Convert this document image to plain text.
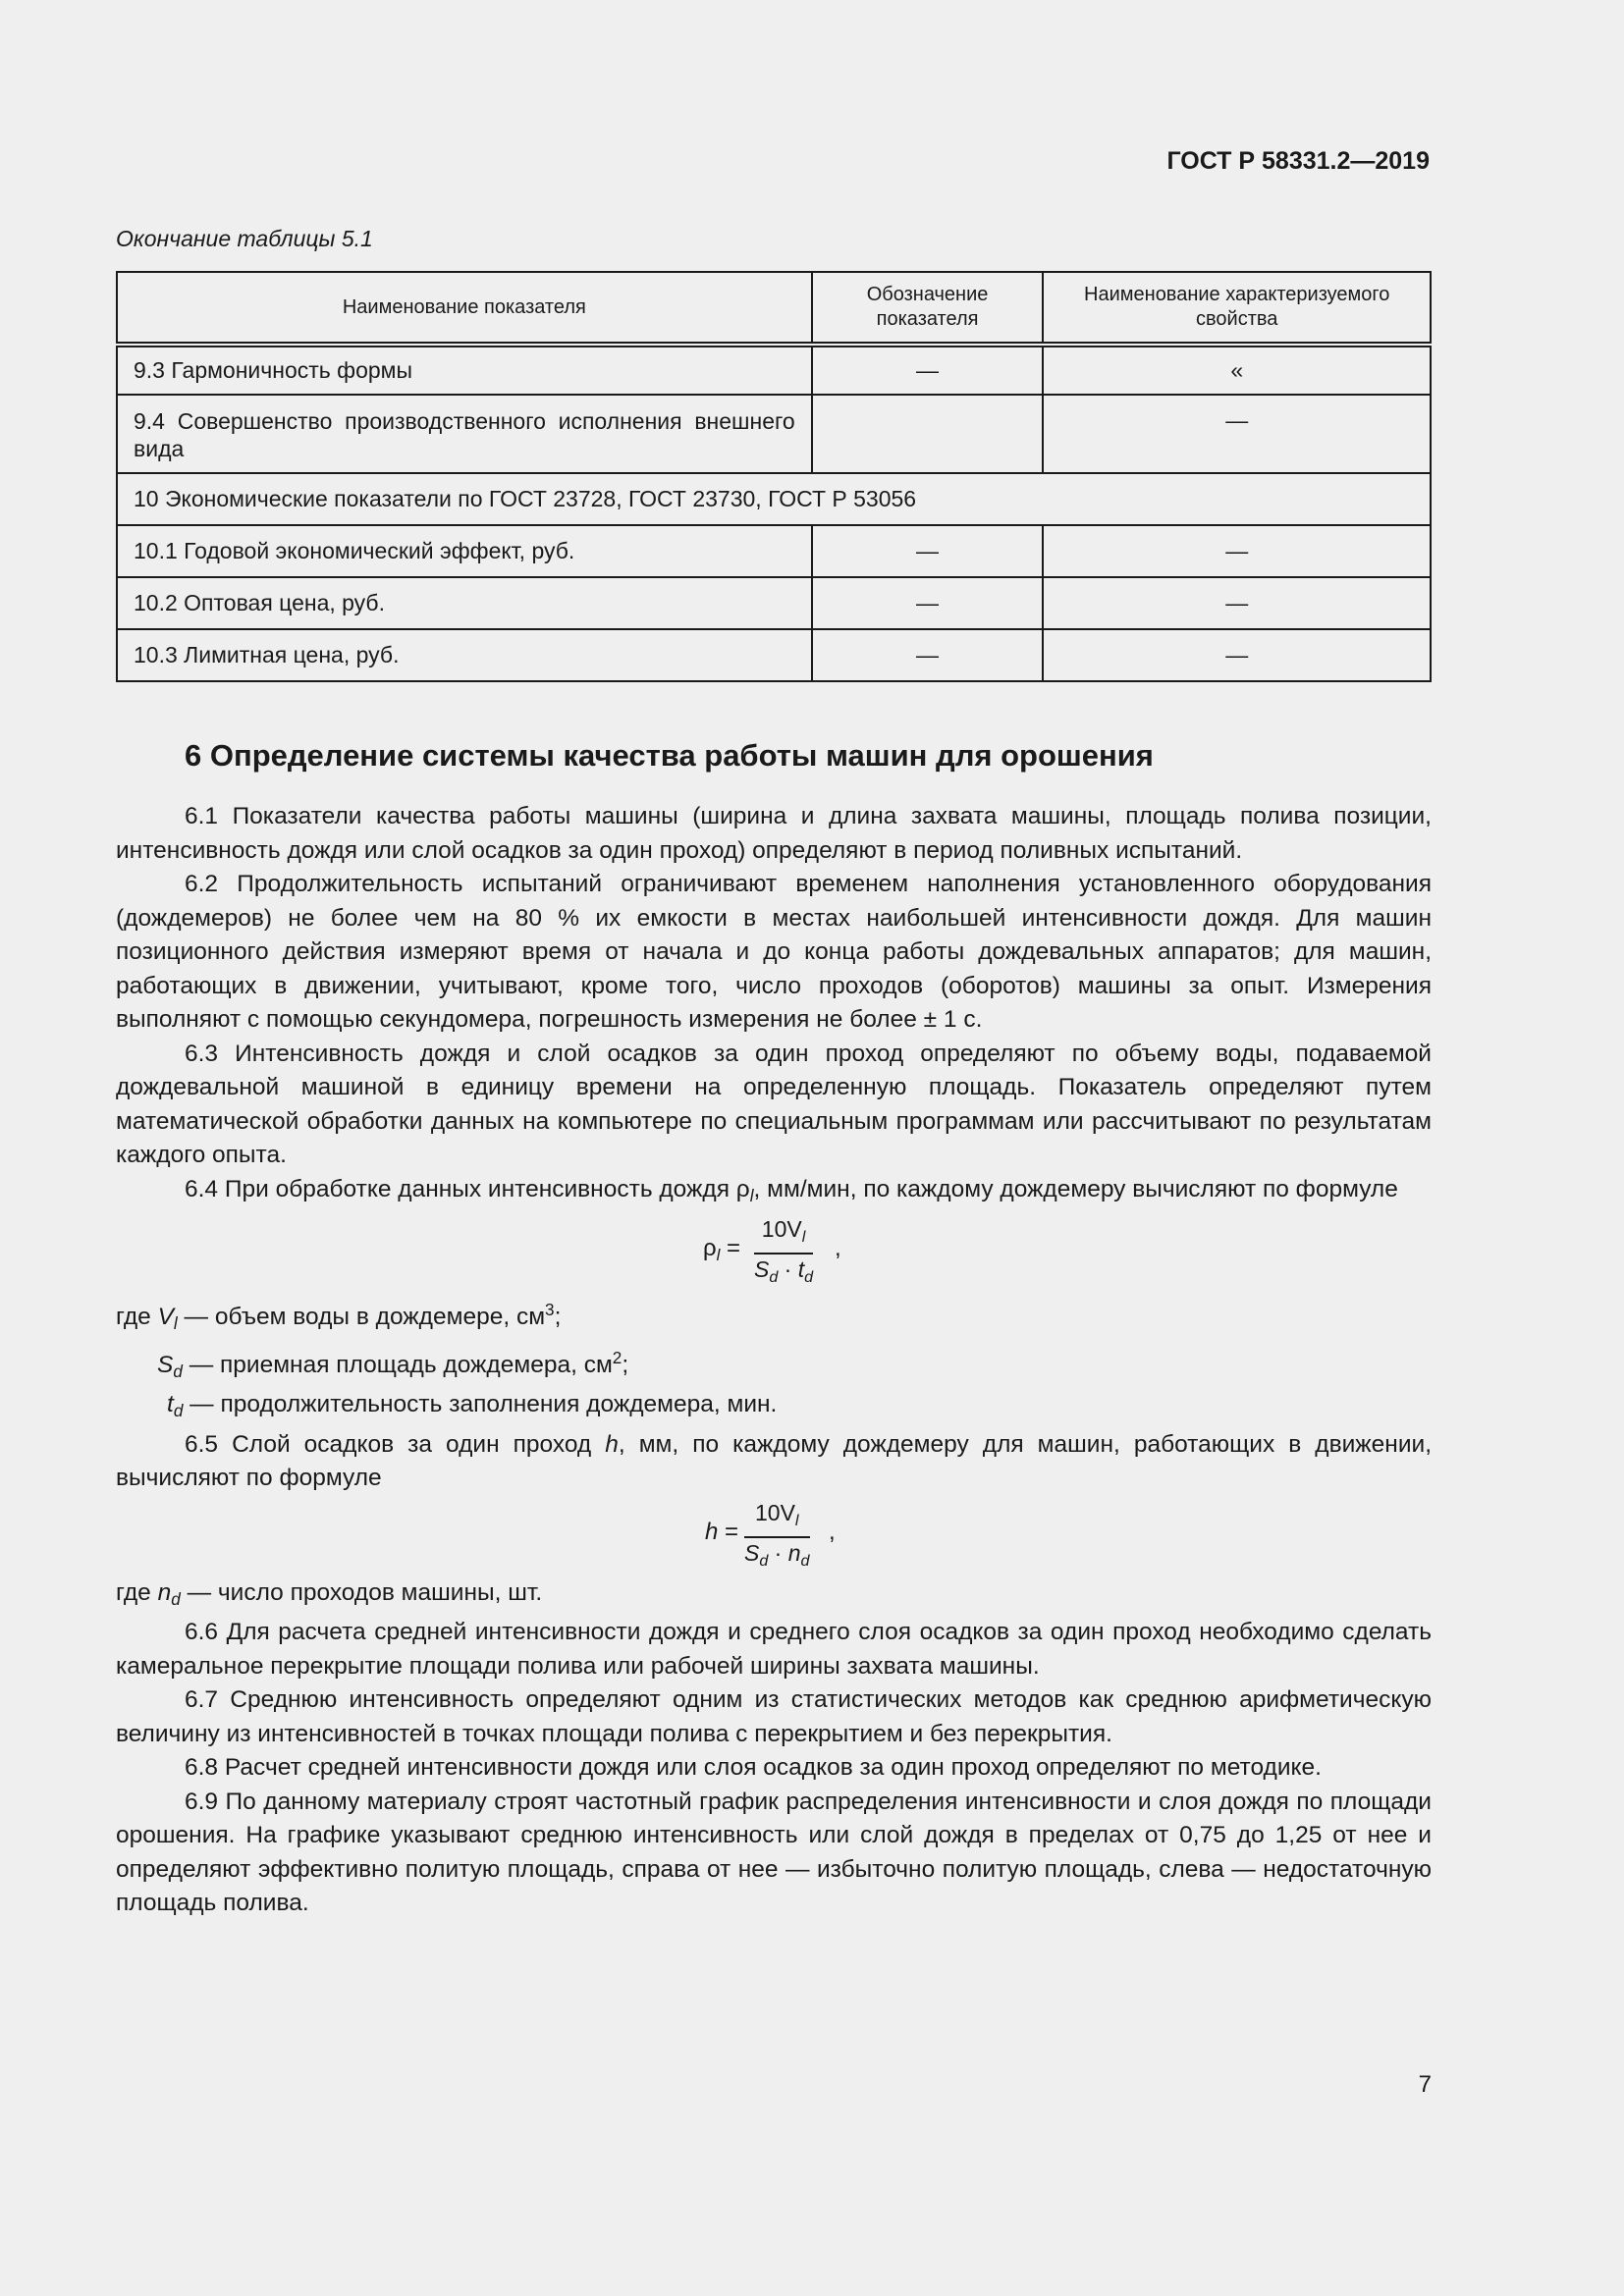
ГОСТ Р 58331.2—2019
Окончание таблицы 5.1
Наименование показателя	Обозначение показателя	Наименование характеризуемого свойства
9.3 Гармоничность формы	—	«
9.4 Совершенство производственного исполнения внешнего вида		—
10 Экономические показатели по ГОСТ 23728, ГОСТ 23730, ГОСТ Р 53056		
10.1 Годовой экономический эффект, руб.	—	—
10.2 Оптовая цена, руб.	—	—
10.3 Лимитная цена, руб.	—	—
6 Определение системы качества работы машин для орошения

6.1 Показатели качества работы машины (ширина и длина захвата машины, площадь полива позиции, интенсивность дождя или слой осадков за один проход) определяют в период поливных испытаний.

6.2 Продолжительность испытаний ограничивают временем наполнения установленного оборудования (дождемеров) не более чем на 80 % их емкости в местах наибольшей интенсивности дождя. Для машин позиционного действия измеряют время от начала и до конца работы дождевальных аппаратов; для машин, работающих в движении, учитывают, кроме того, число проходов (оборотов) машины за опыт. Измерения выполняют с помощью секундомера, погрешность измерения не более ± 1 с.

6.3 Интенсивность дождя и слой осадков за один проход определяют по объему воды, подаваемой дождевальной машиной в единицу времени на определенную площадь. Показатель определяют путем математической обработки данных на компьютере по специальным программам или рассчитывают по результатам каждого опыта.

6.4 При обработке данных интенсивность дождя $\rho_l$, мм/мин, по каждому дождемеру вычисляют по формуле

$\rho_l = \frac{10V_l}{S_d \cdot t_d}$ ,
где $V_l$ — объем воды в дождемере, $см^3$;
$S_d$ — приемная площадь дождемера, $см^2$;
$t_d$ — продолжительность заполнения дождемера, мин.

6.5 Слой осадков за один проход h, мм, по каждому дождемеру для машин, работающих в движении, вычисляют по формуле

$h = \frac{10V_l}{S_d \cdot n_d}$ ,
где $n_d$ — число проходов машины, шт.

6.6 Для расчета средней интенсивности дождя и среднего слоя осадков за один проход необходимо сделать камеральное перекрытие площади полива или рабочей ширины захвата машины.

6.7 Среднюю интенсивность определяют одним из статистических методов как среднюю арифметическую величину из интенсивностей в точках площади полива с перекрытием и без перекрытия.

6.8 Расчет средней интенсивности дождя или слоя осадков за один проход определяют по методике.

6.9 По данному материалу строят частотный график распределения интенсивности и слоя дождя по площади орошения. На графике указывают среднюю интенсивность или слой дождя в пределах от 0,75 до 1,25 от нее и определяют эффективно политую площадь, справа от нее — избыточно политую площадь, слева — недостаточную площадь полива.

7
